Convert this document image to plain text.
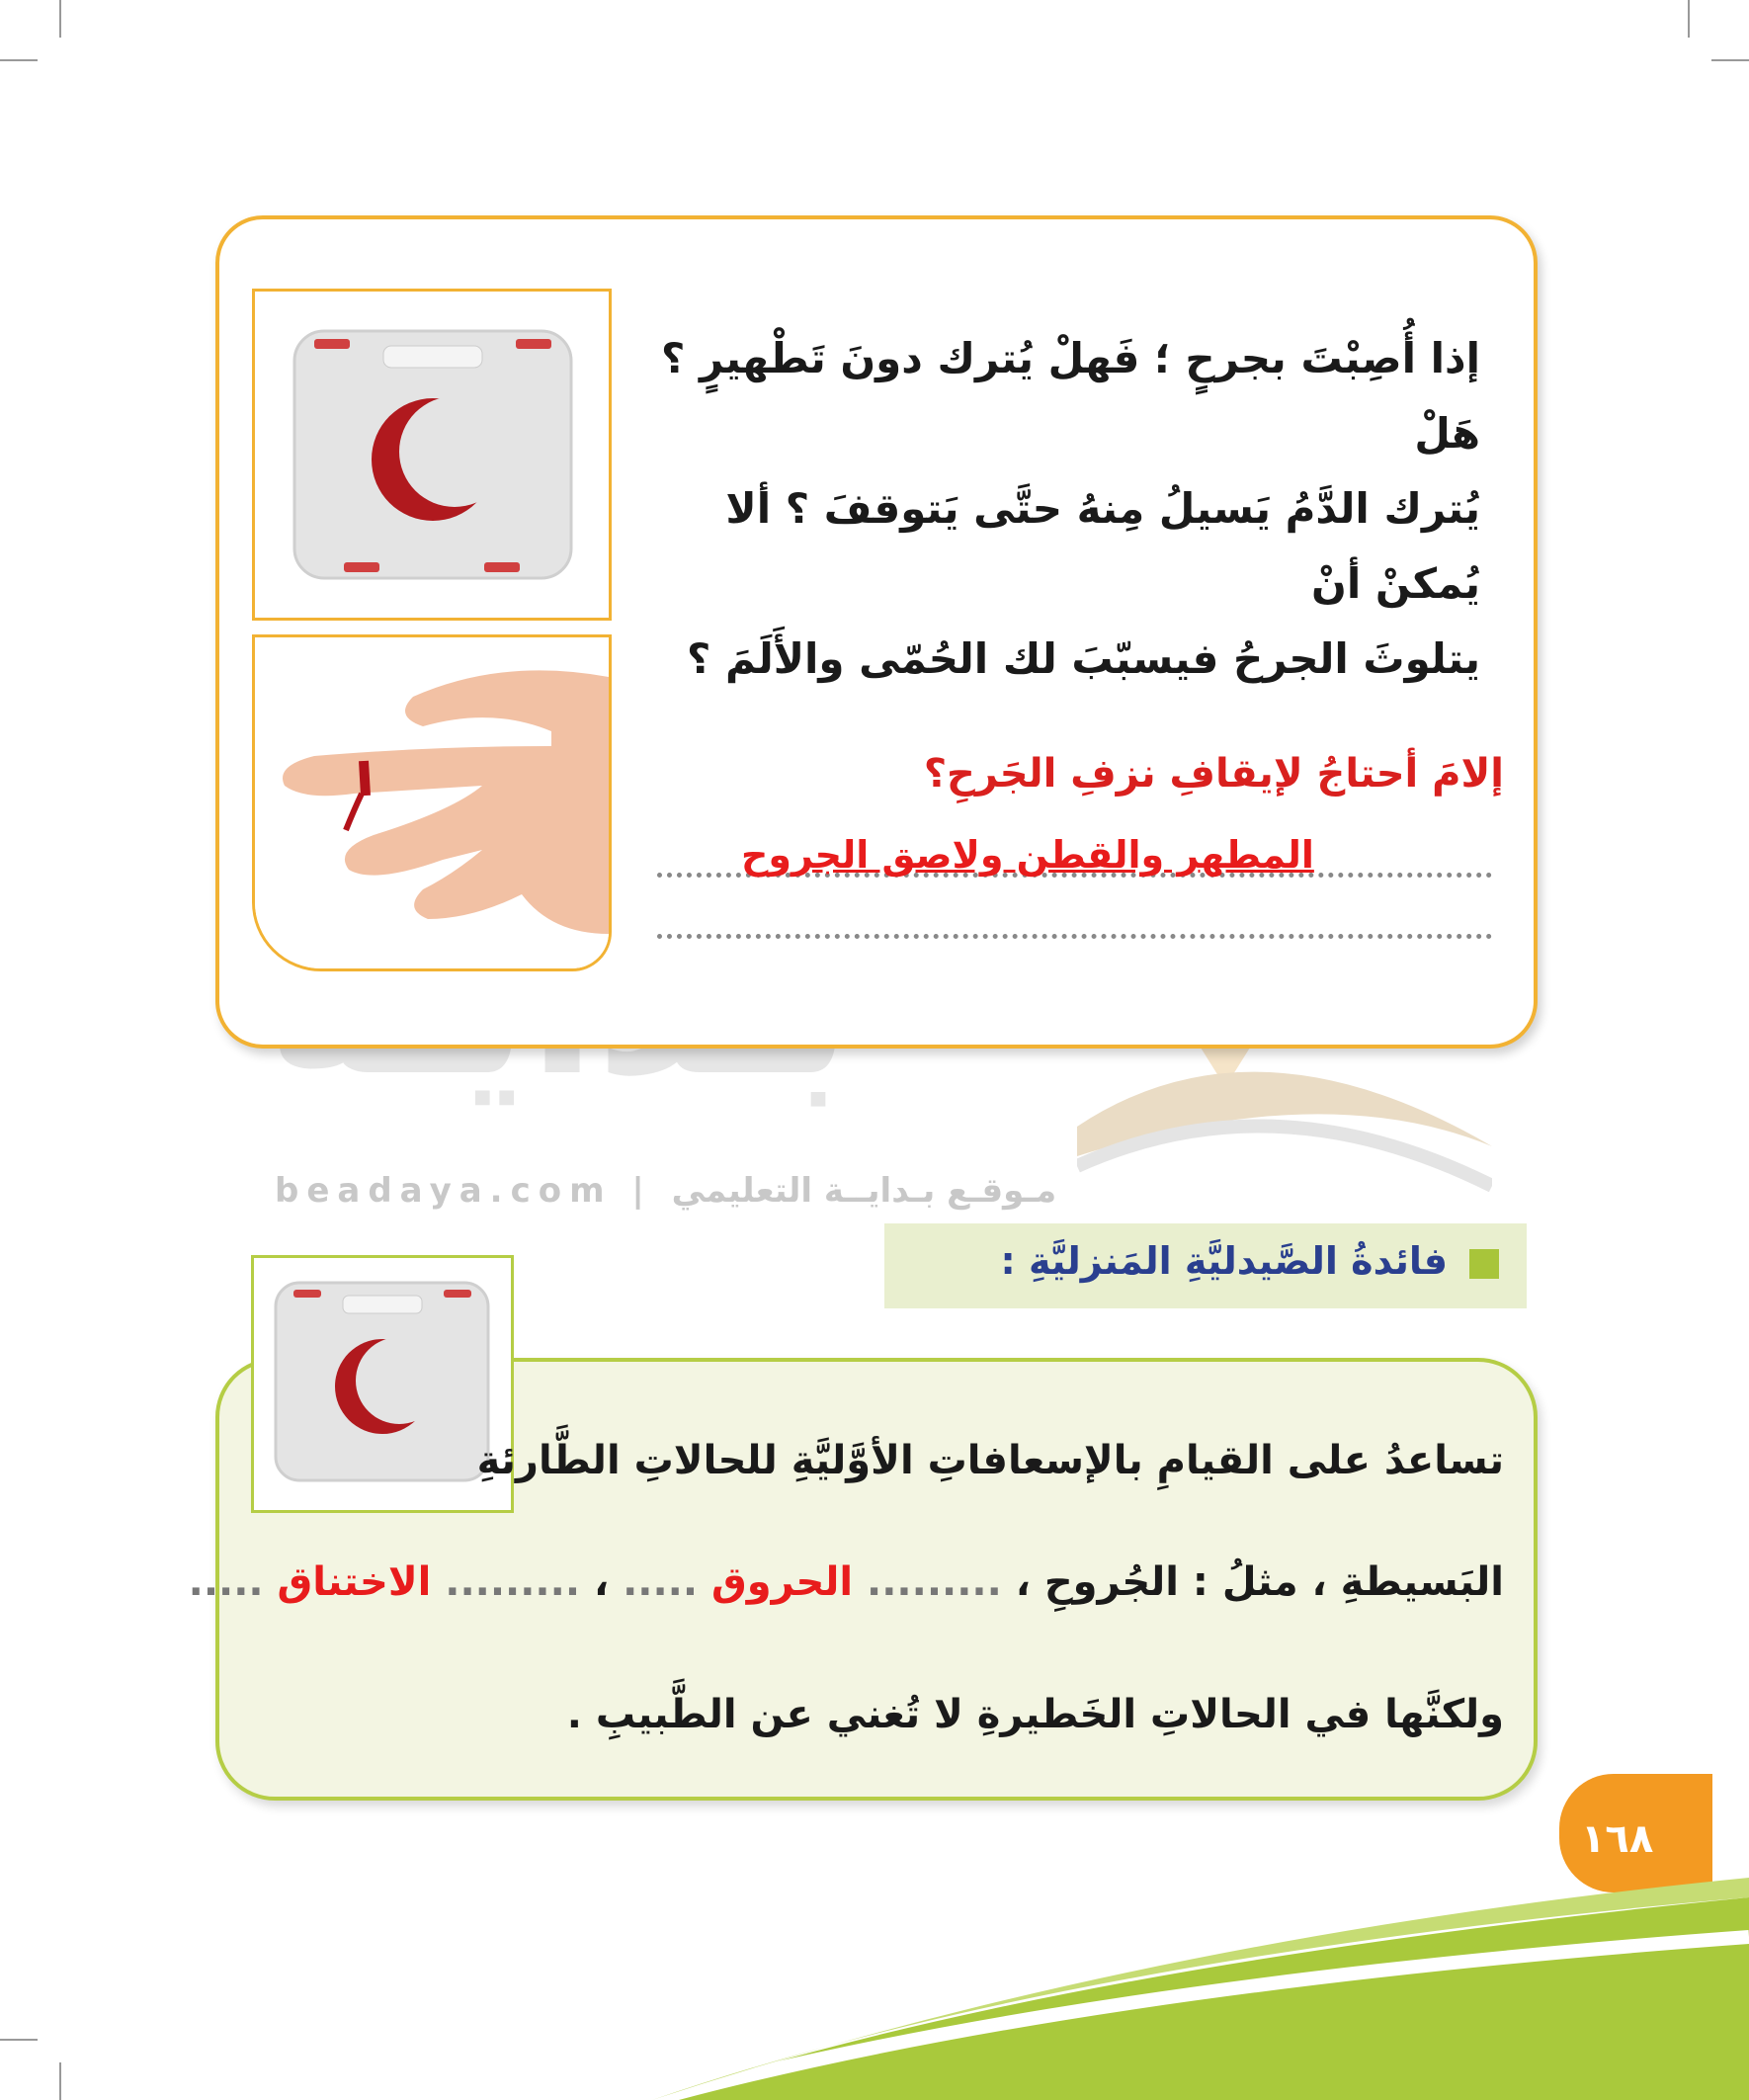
beadaya.com | مـوقـع بـدايــة التعليمي
إذا أُصِبْتَ بجرحٍ ؛ فَهلْ يُترك دونَ تَطْهيرٍ ؟ هَلْ
يُترك الدَّمُ يَسيلُ مِنهُ حتَّى يَتوقفَ ؟ ألا يُمكنْ أنْ
يتلوثَ الجرحُ فيسبّبَ لك الحُمّى والأَلَمَ ؟
إلامَ أحتاجُ لإيقافِ نزفِ الجَرحِ؟
المطهر والقطن ولاصق الجروح
فائدةُ الصَّيدليَّةِ المَنزليَّةِ :
تساعدُ على القيامِ بالإسعافاتِ الأوَّليَّةِ للحالاتِ الطَّارئةِ
البَسيطةِ ، مثلُ : الجُروحِ ، ......... الحروق ..... ، ......... الاختناق .....
ولكنَّها في الحالاتِ الخَطيرةِ لا تُغني عن الطَّبيبِ .
١٦٨
